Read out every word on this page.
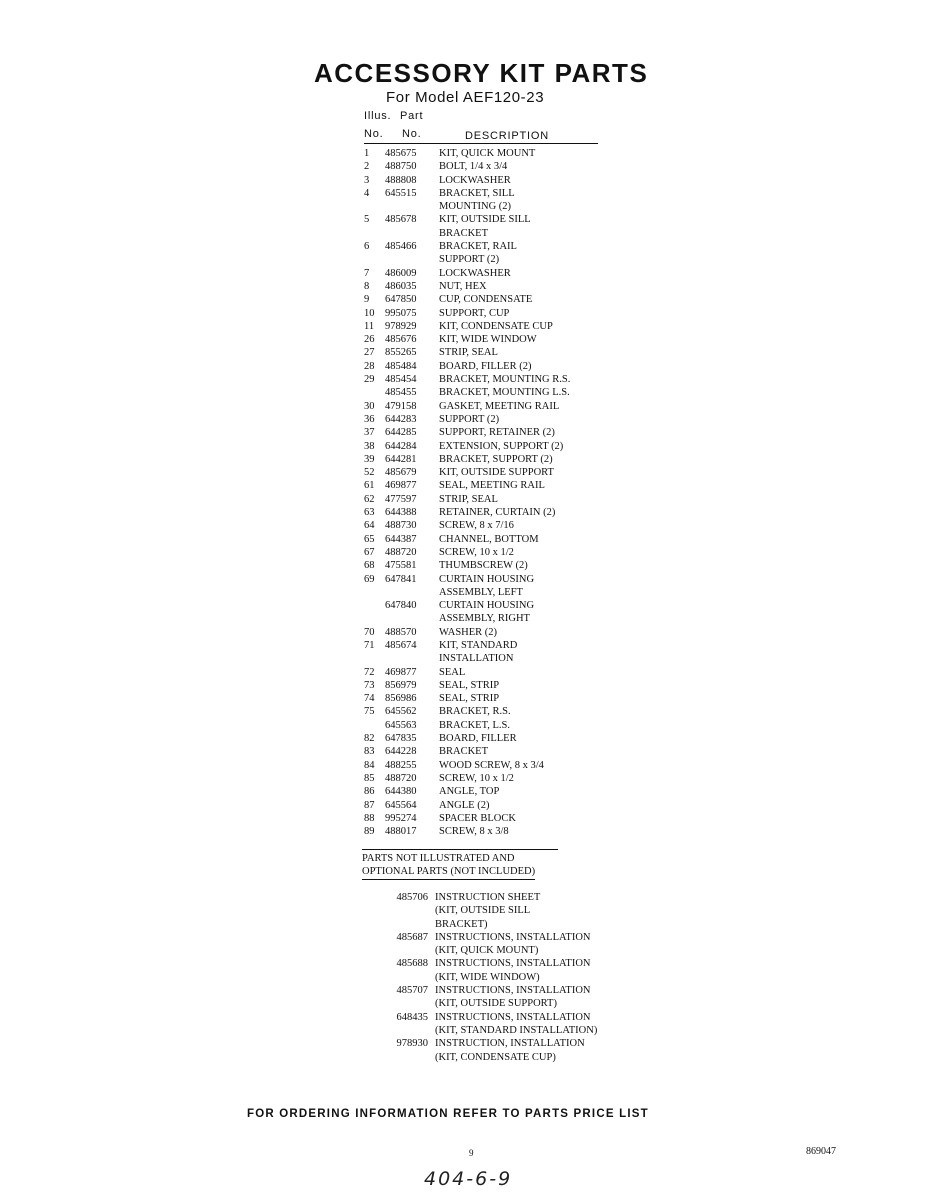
ACCESSORY KIT PARTS
For Model AEF120-23
Illus. Part
No. No.	DESCRIPTION
1	485675 KIT, QUICK MOUNT
2	488750 BOLT, 1/4 x 3/4
3	488808 LOCKWASHER
4	645515 BRACKET, SILL
MOUNTING (2)
5	485678 KIT, OUTSIDE SILL
BRACKET
6	485466 BRACKET, RAIL
SUPPORT (2)
7	486009 LOCKWASHER
8	486035 NUT, HEX
9	647850 CUP, CONDENSATE
10	995075 SUPPORT, CUP
11	978929 KIT, CONDENSATE CUP
26	485676 KIT, WIDE WINDOW
27	855265 STRIP, SEAL
28	485484 BOARD, FILLER (2)
29	485454 BRACKET, MOUNTING R.S.
485455 BRACKET, MOUNTING L.S.
30	479158 GASKET, MEETING RAIL
36	644283 SUPPORT (2)
37	644285 SUPPORT, RETAINER (2)
38	644284 EXTENSION, SUPPORT (2)
39	644281 BRACKET, SUPPORT (2)
52	485679 KIT, OUTSIDE SUPPORT
61	469877 SEAL, MEETING RAIL
62	477597 STRIP, SEAL
63	644388 RETAINER, CURTAIN (2)
64	488730 SCREW, 8 x 7/16
65	644387 CHANNEL, BOTTOM
67	488720 SCREW, 10 x 1/2
68	475581 THUMBSCREW (2)
69	647841 CURTAIN HOUSING
ASSEMBLY, LEFT
647840 CURTAIN HOUSING
ASSEMBLY, RIGHT
70	488570 WASHER (2)
71	485674 KIT, STANDARD
INSTALLATION
72	469877 SEAL
73	856979 SEAL, STRIP
74	856986 SEAL, STRIP
75	645562 BRACKET, R.S.
645563 BRACKET, L.S.
82	647835 BOARD, FILLER
83	644228 BRACKET
84	488255 WOOD SCREW, 8 x 3/4
85	488720 SCREW, 10 x 1/2
86	644380 ANGLE, TOP
87	645564 ANGLE (2)
88	995274 SPACER BLOCK
89	488017 SCREW, 8 x 3/8
PARTS NOT ILLUSTRATED AND
OPTIONAL PARTS (NOT INCLUDED)
485706 INSTRUCTION SHEET
(KIT, OUTSIDE SILL
BRACKET)
485687 INSTRUCTIONS, INSTALLATION
(KIT, QUICK MOUNT)
485688 INSTRUCTIONS, INSTALLATION
(KIT, WIDE WINDOW)
485707 INSTRUCTIONS, INSTALLATION
(KIT, OUTSIDE SUPPORT)
648435 INSTRUCTIONS, INSTALLATION
(KIT, STANDARD INSTALLATION)
978930 INSTRUCTION, INSTALLATION
(KIT, CONDENSATE CUP)
FOR ORDERING INFORMATION REFER TO PARTS PRICE LIST
9	869047
404-6-9
